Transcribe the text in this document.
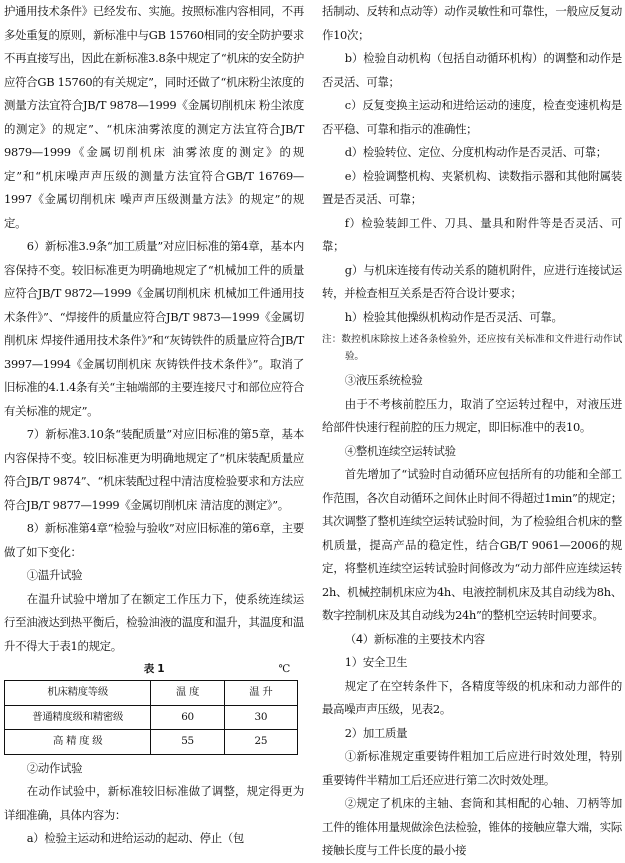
护通用技术条件》已经发布、实施。按照标准内容相同，不再多处重复的原则，新标准中与GB 15760相同的安全防护要求不再直接写出，因此在新标准3.8条中规定了“机床的安全防护应符合GB 15760的有关规定”，同时还做了“机床粉尘浓度的测量方法宜符合JB/T 9878—1999《金属切削机床 粉尘浓度的测定》的规定”、“机床油雾浓度的测定方法宜符合JB/T 9879—1999《金属切削机床 油雾浓度的测定》的规定”和“机床噪声声压级的测量方法宜符合GB/T 16769—1997《金属切削机床 噪声声压级测量方法》的规定”的规定。

6）新标准3.9条“加工质量”对应旧标准的第4章，基本内容保持不变。较旧标准更为明确地规定了“机械加工件的质量应符合JB/T 9872—1999《金属切削机床 机械加工件通用技术条件》”、“焊接件的质量应符合JB/T 9873—1999《金属切削机床 焊接件通用技术条件》”和“灰铸铁件的质量应符合JB/T 3997—1994《金属切削机床 灰铸铁件技术条件》”。取消了旧标准的4.1.4条有关“主轴端部的主要连接尺寸和部位应符合有关标准的规定”。

7）新标准3.10条“装配质量”对应旧标准的第5章，基本内容保持不变。较旧标准更为明确地规定了“机床装配质量应符合JB/T 9874”、“机床装配过程中清洁度检验要求和方法应符合JB/T 9877—1999《金属切削机床 清洁度的测定》”。

8）新标准第4章“检验与验收”对应旧标准的第6章，主要做了如下变化：

①温升试验

在温升试验中增加了在额定工作压力下，使系统连续运行至油液达到热平衡后，检验油液的温度和温升，其温度和温升不得大于表1的规定。

表 1	℃
机床精度等级	温 度	温 升
普通精度级和精密级	60	30
高 精 度 级	55	25

②动作试验

在动作试验中，新标准较旧标准做了调整，规定得更为详细准确，具体内容为：

a）检验主运动和进给运动的起动、停止（包

括制动、反转和点动等）动作灵敏性和可靠性，一般应反复动作10次；

b）检验自动机构（包括自动循环机构）的调整和动作是否灵活、可靠；

c）反复变换主运动和进给运动的速度，检查变速机构是否平稳、可靠和指示的准确性；

d）检验转位、定位、分度机构动作是否灵活、可靠；

e）检验调整机构、夹紧机构、读数指示器和其他附属装置是否灵活、可靠；

f）检验装卸工件、刀具、量具和附件等是否灵活、可靠；

g）与机床连接有传动关系的随机附件，应进行连接试运转，并检查相互关系是否符合设计要求；

h）检验其他操纵机构动作是否灵活、可靠。

注：数控机床除按上述各条检验外，还应按有关标准和文件进行动作试验。

③液压系统检验

由于不考核前腔压力，取消了空运转过程中，对液压进给部件快速行程前腔的压力规定，即旧标准中的表10。

④整机连续空运转试验

首先增加了“试验时自动循环应包括所有的功能和全部工作范围，各次自动循环之间休止时间不得超过1min”的规定；其次调整了整机连续空运转试验时间，为了检验组合机床的整机质量，提高产品的稳定性，结合GB/T 9061—2006的规定，将整机连续空运转试验时间修改为“动力部件应连续运转2h、机械控制机床应为4h、电液控制机床及其自动线为8h、数字控制机床及其自动线为24h”的整机空运转时间要求。

（4）新标准的主要技术内容

1）安全卫生

规定了在空转条件下，各精度等级的机床和动力部件的最高噪声声压级，见表2。

2）加工质量

①新标准规定重要铸件粗加工后应进行时效处理，特别重要铸件半精加工后还应进行第二次时效处理。

②规定了机床的主轴、套筒和其相配的心轴、刀柄等加工件的锥体用量规做涂色法检验，锥体的接触应靠大端，实际接触长度与工件长度的最小接
